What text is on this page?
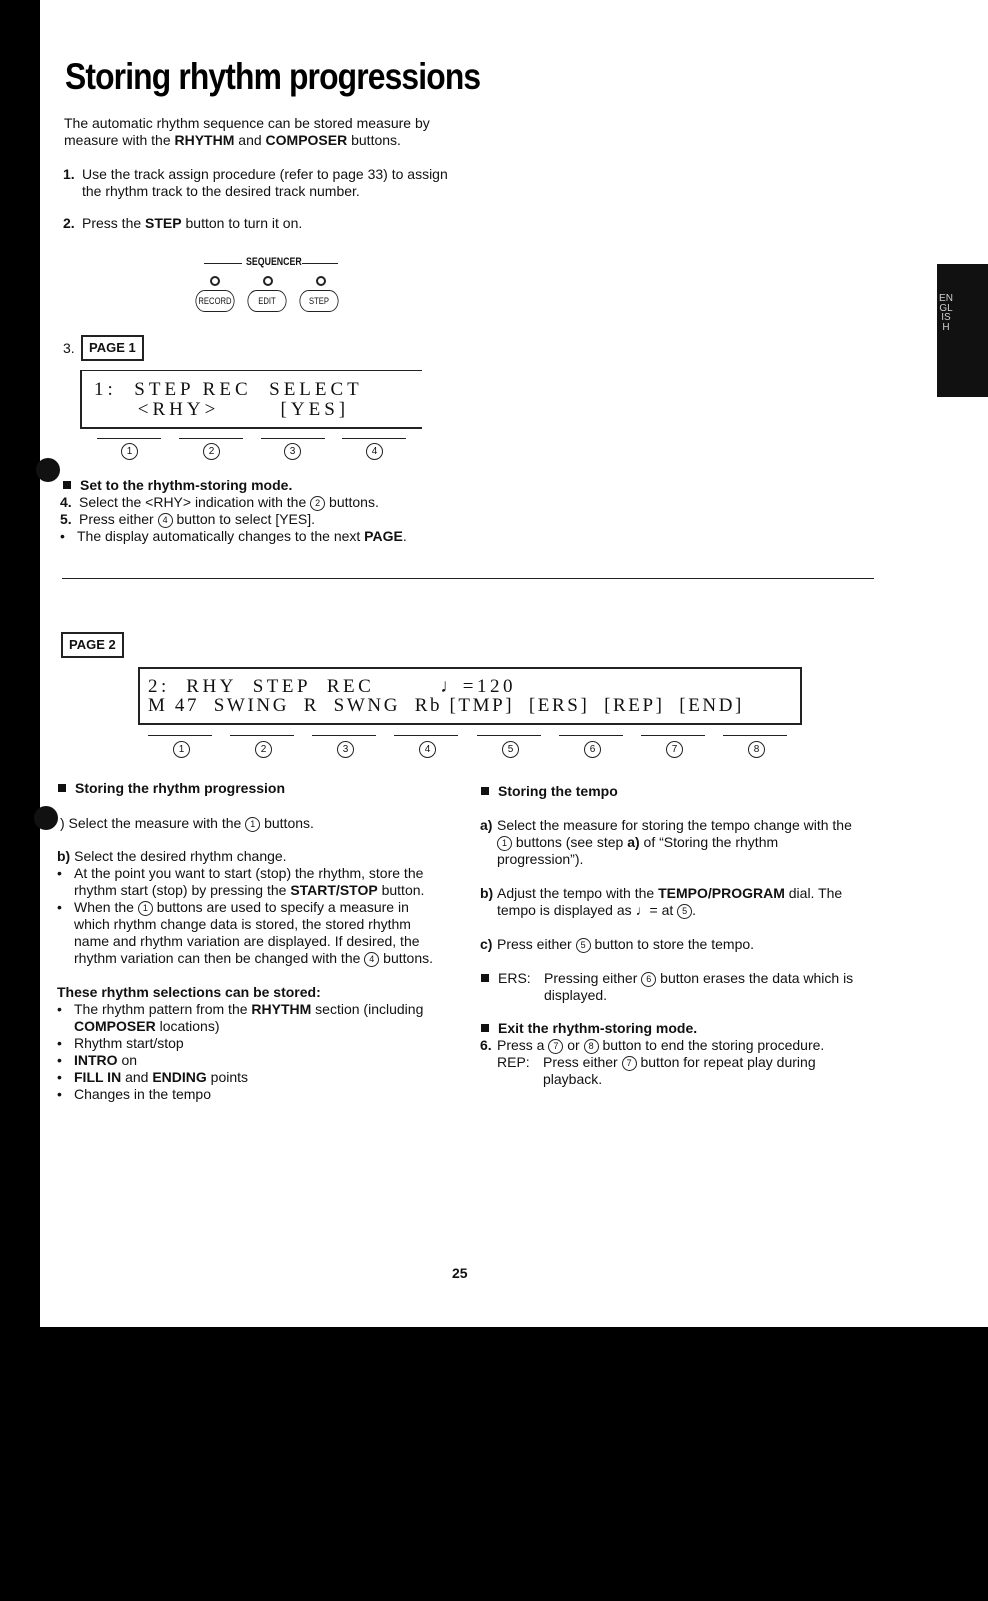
Storing rhythm progressions
The automatic rhythm sequence can be stored measure by
measure with the RHYTHM and COMPOSER buttons.
1. Use the track assign procedure (refer to page 33) to assign
the rhythm track to the desired track number.
2. Press the STEP button to turn it on.
SEQUENCER
RECORD	EDIT	STEP
3.	PAGE 1
1:  STEP REC  SELECT
<RHY>       [YES]
1	2	3	4
Set to the rhythm-storing mode.
4. Select the <RHY> indication with the 2 buttons.
5. Press either 4 button to select [YES].
• The display automatically changes to the next PAGE.
PAGE 2
2:  RHY  STEP  REC        ♩=120
M 47  SWING  R  SWNG  Rb [TMP]  [ERS]  [REP]  [END]
1	2	3	4	5	6	7	8
Storing the rhythm progression
) Select the measure with the 1 buttons.
b) Select the desired rhythm change.
• At the point you want to start (stop) the rhythm, store the
rhythm start (stop) by pressing the START/STOP button.
• When the 1 buttons are used to specify a measure in
which rhythm change data is stored, the stored rhythm
name and rhythm variation are displayed. If desired, the
rhythm variation can then be changed with the 4 buttons.
These rhythm selections can be stored:
• The rhythm pattern from the RHYTHM section (including
COMPOSER locations)
• Rhythm start/stop
• INTRO on
• FILL IN and ENDING points
• Changes in the tempo
Storing the tempo
a) Select the measure for storing the tempo change with the
1 buttons (see step a) of “Storing the rhythm
progression”).
b) Adjust the tempo with the TEMPO/PROGRAM dial. The
tempo is displayed as ♩= at 5 .
c) Press either 5 button to store the tempo.
ERS: Pressing either 6 button erases the data which is
displayed.
Exit the rhythm-storing mode.
6. Press a 7 or 8 button to end the storing procedure.
REP: Press either 7 button for repeat play during
playback.
25
ENGLISH
